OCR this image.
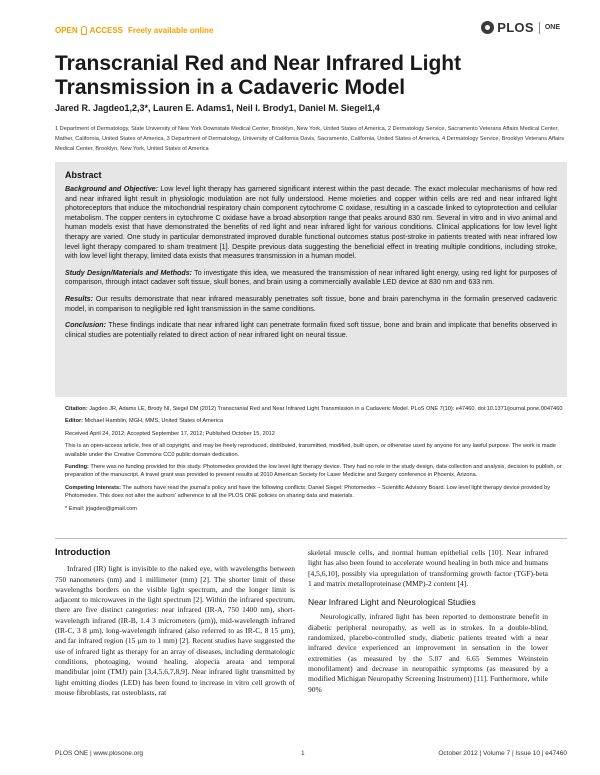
OPEN ACCESS Freely available online	PLOS ONE
Transcranial Red and Near Infrared Light Transmission in a Cadaveric Model
Jared R. Jagdeo1,2,3*, Lauren E. Adams1, Neil I. Brody1, Daniel M. Siegel1,4
1 Department of Dermatology, State University of New York Downstate Medical Center, Brooklyn, New York, United States of America, 2 Dermatology Service, Sacramento Veterans Affairs Medical Center, Mather, California, United States of America, 3 Department of Dermatology, University of California Davis, Sacramento, California, United States of America, 4 Dermatology Service, Brooklyn Veterans Affairs Medical Center, Brooklyn, New York, United States of America
Abstract

Background and Objective: Low level light therapy has garnered significant interest within the past decade. The exact molecular mechanisms of how red and near infrared light result in physiologic modulation are not fully understood. Heme moieties and copper within cells are red and near infrared light photoreceptors that induce the mitochondrial respiratory chain component cytochrome C oxidase, resulting in a cascade linked to cytoprotection and cellular metabolism. The copper centers in cytochrome C oxidase have a broad absorption range that peaks around 830 nm. Several in vitro and in vivo animal and human models exist that have demonstrated the benefits of red light and near infrared light for various conditions. Clinical applications for low level light therapy are varied. One study in particular demonstrated improved durable functional outcomes status post-stroke in patients treated with near infrared low level light therapy compared to sham treatment [1]. Despite previous data suggesting the beneficial effect in treating multiple conditions, including stroke, with low level light therapy, limited data exists that measures transmission in a human model.

Study Design/Materials and Methods: To investigate this idea, we measured the transmission of near infrared light energy, using red light for purposes of comparison, through intact cadaver soft tissue, skull bones, and brain using a commercially available LED device at 830 nm and 633 nm.

Results: Our results demonstrate that near infrared measurably penetrates soft tissue, bone and brain parenchyma in the formalin preserved cadaveric model, in comparison to negligible red light transmission in the same conditions.

Conclusion: These findings indicate that near infrared light can penetrate formalin fixed soft tissue, bone and brain and implicate that benefits observed in clinical studies are potentially related to direct action of near infrared light on neural tissue.

Citation: Jagdeo JR, Adams LE, Brody NI, Siegel DM (2012) Transcranial Red and Near Infrared Light Transmission in a Cadaveric Model. PLoS ONE 7(10): e47460. doi:10.1371/journal.pone.0047460
Editor: Michael Hamblin, MGH, MMS, United States of America
Received April 24, 2012; Accepted September 17, 2012; Published October 15, 2012
This is an open-access article, free of all copyright, and may be freely reproduced, distributed, transmitted, modified, built upon, or otherwise used by anyone for any lawful purpose. The work is made available under the Creative Commons CC0 public domain dedication.
Funding: There was no funding provided for this study. Photomedex provided the low level light therapy device. They had no role in the study design, data collection and analysis, decision to publish, or preparation of the manuscript. A travel grant was provided to present results at 2010 American Society for Laser Medicine and Surgery conference in Phoenix, Arizona.
Competing Interests: The authors have read the journal's policy and have the following conflicts: Daniel Siegel: Photomedex – Scientific Advisory Board. Low level light therapy device provided by Photomedex. This does not alter the authors' adherence to all the PLOS ONE policies on sharing data and materials.
* Email: jrjagdeo@gmail.com
Introduction

Infrared (IR) light is invisible to the naked eye, with wavelengths between 750 nanometers (nm) and 1 millimeter (mm) [2]. The shorter limit of these wavelengths borders on the visible light spectrum, and the longer limit is adjacent to microwaves in the light spectrum [2]. Within the infrared spectrum, there are five distinct categories: near infrared (IR-A, 750 1400 nm), short-wavelength infrared (IR-B, 1.4 3 micrometers (μm)), mid-wavelength infrared (IR-C, 3 8 μm), long-wavelength infrared (also referred to as IR-C, 8 15 μm), and far infrared region (15 μm to 1 mm) [2]. Recent studies have suggested the use of infrared light as therapy for an array of diseases, including dermatologic conditions, photoaging, wound healing, alopecia areata and temporal mandibular joint (TMJ) pain [3,4,5,6,7,8,9]. Near infrared light transmitted by light emitting diodes (LED) has been found to increase in vitro cell growth of mouse fibroblasts, rat osteoblasts, rat

skeletal muscle cells, and normal human epithelial cells [10]. Near infrared light has also been found to accelerate wound healing in both mice and humans [4,5,6,10], possibly via upregulation of transforming growth factor (TGF)-beta 1 and matrix metalloproteinase (MMP)-2 content [4].

Near Infrared Light and Neurological Studies

Neurologically, infrared light has been reported to demonstrate benefit in diabetic peripheral neuropathy, as well as in strokes. In a double-blind, randomized, placebo-controlled study, diabetic patients treated with a near infrared device experienced an improvement in sensation in the lower extremities (as measured by the 5.07 and 6.65 Semmes Weinstein monofilament) and decrease in neuropathic symptoms (as measured by a modified Michigan Neuropathy Screening Instrument) [11]. Furthermore, while 90%

PLOS ONE | www.plosone.org	1	October 2012 | Volume 7 | Issue 10 | e47460
